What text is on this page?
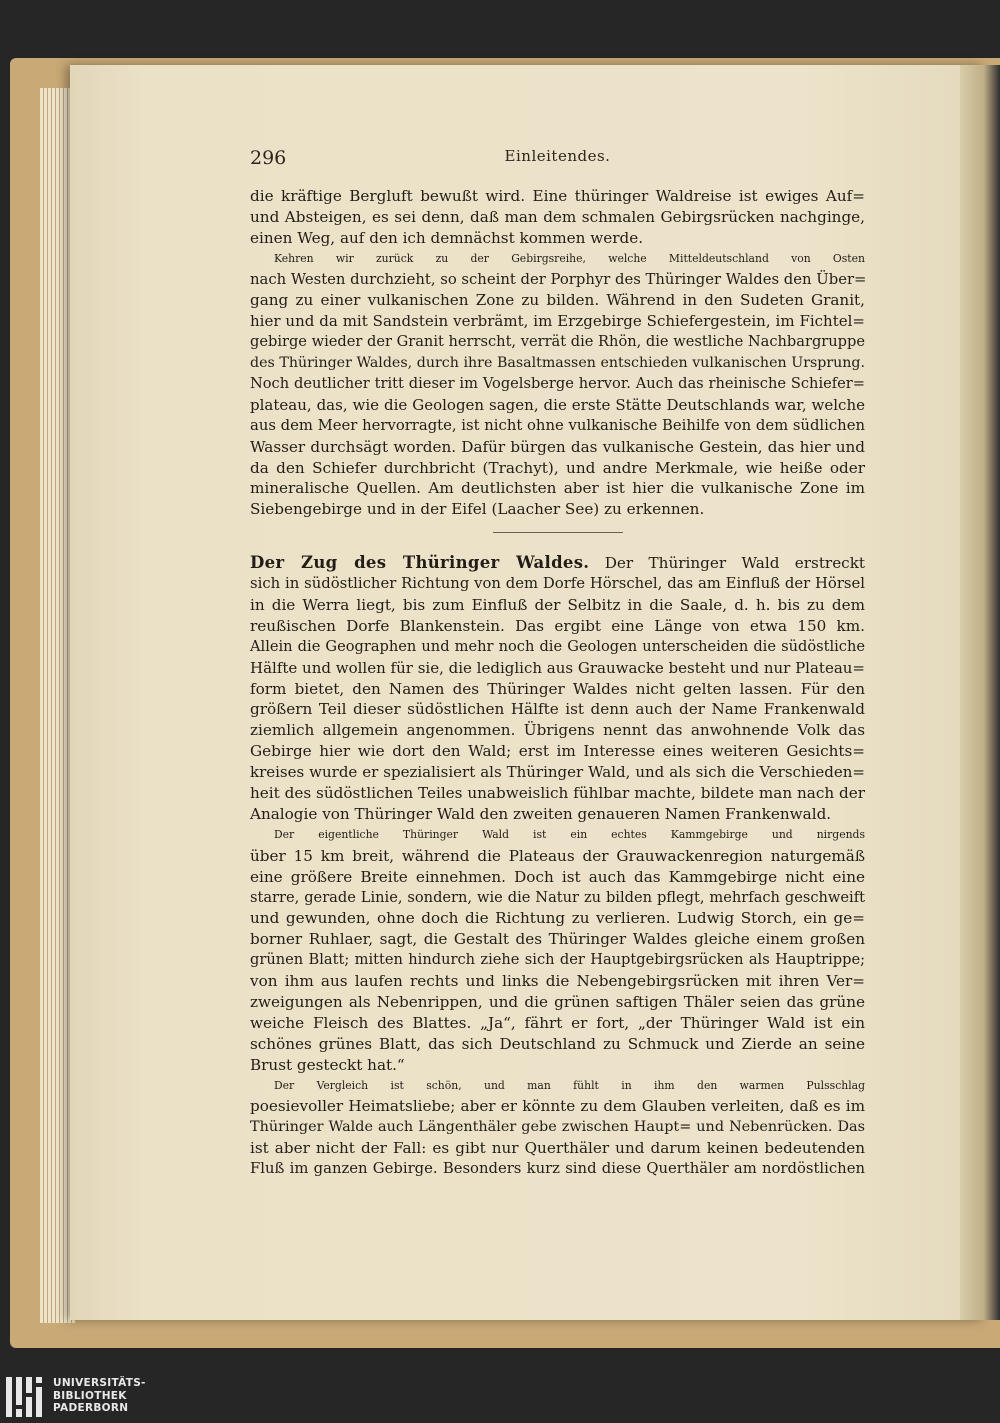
296	Einleitendes.

die kräftige Bergluft bewußt wird. Eine thüringer Waldreise ist ewiges Auf=
und Absteigen, es sei denn, daß man dem schmalen Gebirgsrücken nachginge,
einen Weg, auf den ich demnächst kommen werde.

Kehren wir zurück zu der Gebirgsreihe, welche Mitteldeutschland von Osten
nach Westen durchzieht, so scheint der Porphyr des Thüringer Waldes den Über=
gang zu einer vulkanischen Zone zu bilden. Während in den Sudeten Granit,
hier und da mit Sandstein verbrämt, im Erzgebirge Schiefergestein, im Fichtel=
gebirge wieder der Granit herrscht, verrät die Rhön, die westliche Nachbargruppe
des Thüringer Waldes, durch ihre Basaltmassen entschieden vulkanischen Ursprung.
Noch deutlicher tritt dieser im Vogelsberge hervor. Auch das rheinische Schiefer=
plateau, das, wie die Geologen sagen, die erste Stätte Deutschlands war, welche
aus dem Meer hervorragte, ist nicht ohne vulkanische Beihilfe von dem südlichen
Wasser durchsägt worden. Dafür bürgen das vulkanische Gestein, das hier und
da den Schiefer durchbricht (Trachyt), und andre Merkmale, wie heiße oder
mineralische Quellen. Am deutlichsten aber ist hier die vulkanische Zone im
Siebengebirge und in der Eifel (Laacher See) zu erkennen.

Der Zug des Thüringer Waldes. Der Thüringer Wald erstreckt
sich in südöstlicher Richtung von dem Dorfe Hörschel, das am Einfluß der Hörsel
in die Werra liegt, bis zum Einfluß der Selbitz in die Saale, d. h. bis zu dem
reußischen Dorfe Blankenstein. Das ergibt eine Länge von etwa 150 km.
Allein die Geographen und mehr noch die Geologen unterscheiden die südöstliche
Hälfte und wollen für sie, die lediglich aus Grauwacke besteht und nur Plateau=
form bietet, den Namen des Thüringer Waldes nicht gelten lassen. Für den
größern Teil dieser südöstlichen Hälfte ist denn auch der Name Frankenwald
ziemlich allgemein angenommen. Übrigens nennt das anwohnende Volk das
Gebirge hier wie dort den Wald; erst im Interesse eines weiteren Gesichts=
kreises wurde er spezialisiert als Thüringer Wald, und als sich die Verschieden=
heit des südöstlichen Teiles unabweislich fühlbar machte, bildete man nach der
Analogie von Thüringer Wald den zweiten genaueren Namen Frankenwald.

Der eigentliche Thüringer Wald ist ein echtes Kammgebirge und nirgends
über 15 km breit, während die Plateaus der Grauwackenregion naturgemäß
eine größere Breite einnehmen. Doch ist auch das Kammgebirge nicht eine
starre, gerade Linie, sondern, wie die Natur zu bilden pflegt, mehrfach geschweift
und gewunden, ohne doch die Richtung zu verlieren. Ludwig Storch, ein ge=
borner Ruhlaer, sagt, die Gestalt des Thüringer Waldes gleiche einem großen
grünen Blatt; mitten hindurch ziehe sich der Hauptgebirgsrücken als Hauptrippe;
von ihm aus laufen rechts und links die Nebengebirgsrücken mit ihren Ver=
zweigungen als Nebenrippen, und die grünen saftigen Thäler seien das grüne
weiche Fleisch des Blattes. „Ja“, fährt er fort, „der Thüringer Wald ist ein
schönes grünes Blatt, das sich Deutschland zu Schmuck und Zierde an seine
Brust gesteckt hat.“

Der Vergleich ist schön, und man fühlt in ihm den warmen Pulsschlag
poesievoller Heimatsliebe; aber er könnte zu dem Glauben verleiten, daß es im
Thüringer Walde auch Längenthäler gebe zwischen Haupt= und Nebenrücken. Das
ist aber nicht der Fall: es gibt nur Querthäler und darum keinen bedeutenden
Fluß im ganzen Gebirge. Besonders kurz sind diese Querthäler am nordöstlichen

UNIVERSITÄTS-
BIBLIOTHEK
PADERBORN
